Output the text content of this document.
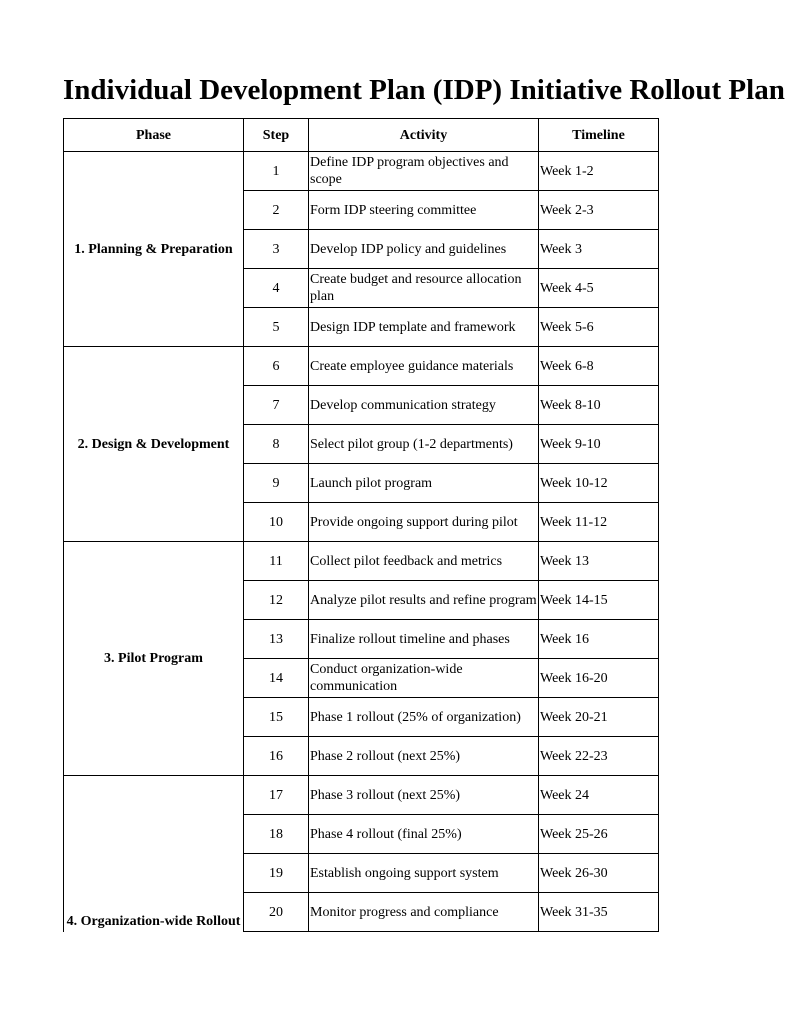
Individual Development Plan (IDP) Initiative Rollout Plan
Phase	Step	Activity	Timeline
1. Planning & Preparation	1	Define IDP program objectives and scope	Week 1-2
	2	Form IDP steering committee	Week 2-3
	3	Develop IDP policy and guidelines	Week 3
	4	Create budget and resource allocation plan	Week 4-5
	5	Design IDP template and framework	Week 5-6
2. Design & Development	6	Create employee guidance materials	Week 6-8
	7	Develop communication strategy	Week 8-10
	8	Select pilot group (1-2 departments)	Week 9-10
	9	Launch pilot program	Week 10-12
	10	Provide ongoing support during pilot	Week 11-12
3. Pilot Program	11	Collect pilot feedback and metrics	Week 13
	12	Analyze pilot results and refine program	Week 14-15
	13	Finalize rollout timeline and phases	Week 16
	14	Conduct organization-wide communication	Week 16-20
	15	Phase 1 rollout (25% of organization)	Week 20-21
	16	Phase 2 rollout (next 25%)	Week 22-23
4. Organization-wide Rollout	17	Phase 3 rollout (next 25%)	Week 24
	18	Phase 4 rollout (final 25%)	Week 25-26
	19	Establish ongoing support system	Week 26-30
	20	Monitor progress and compliance	Week 31-35
